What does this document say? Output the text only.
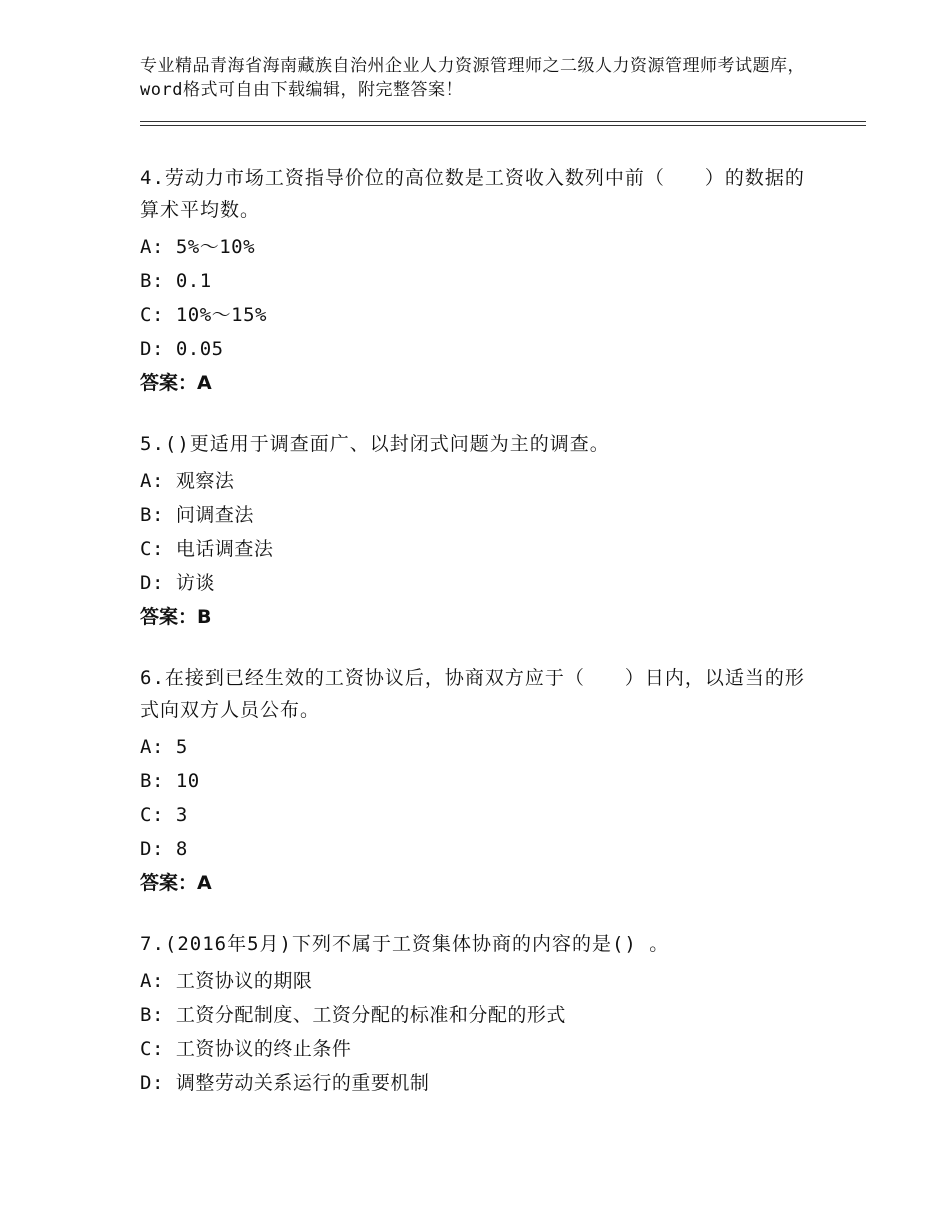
专业精品青海省海南藏族自治州企业人力资源管理师之二级人力资源管理师考试题库，word格式可自由下载编辑，附完整答案！
4.劳动力市场工资指导价位的高位数是工资收入数列中前（　　）的数据的算术平均数。
A: 5%～10%
B: 0.1
C: 10%～15%
D: 0.05
答案：A
5.()更适用于调查面广、以封闭式问题为主的调查。
A: 观察法
B: 问调查法
C: 电话调查法
D: 访谈
答案：B
6.在接到已经生效的工资协议后，协商双方应于（　　）日内，以适当的形式向双方人员公布。
A: 5
B: 10
C: 3
D: 8
答案：A
7.(2016年5月)下列不属于工资集体协商的内容的是() 。
A: 工资协议的期限
B: 工资分配制度、工资分配的标准和分配的形式
C: 工资协议的终止条件
D: 调整劳动关系运行的重要机制
